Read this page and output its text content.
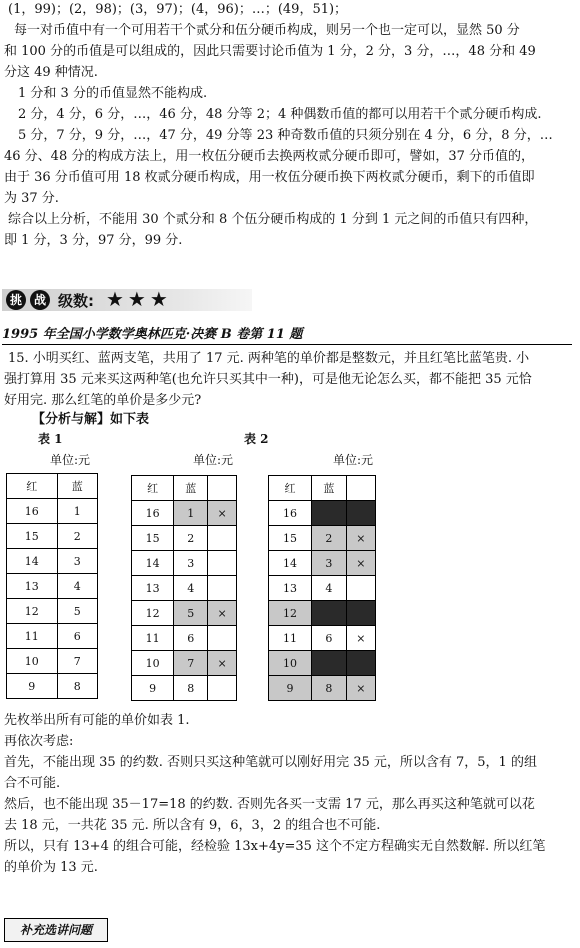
(1，99)；(2，98)；(3，97)；(4，96)；…；(49，51)；
每一对币值中有一个可用若干个贰分和伍分硬币构成，则另一个也一定可以，显然 50 分
和 100 分的币值是可以组成的，因此只需要讨论币值为 1 分，2 分，3 分，…，48 分和 49
分这 49 种情况.
1 分和 3 分的币值显然不能构成.
2 分，4 分，6 分，…，46 分，48 分等 2；4 种偶数币值的都可以用若干个贰分硬币构成.
5 分，7 分，9 分，…，47 分，49 分等 23 种奇数币值的只须分别在 4 分，6 分，8 分，…
46 分、48 分的构成方法上，用一枚伍分硬币去换两枚贰分硬币即可，譬如，37 分币值的，
由于 36 分币值可用 18 枚贰分硬币构成，用一枚伍分硬币换下两枚贰分硬币，剩下的币值即
为 37 分.
综合以上分析，不能用 30 个贰分和 8 个伍分硬币构成的 1 分到 1 元之间的币值只有四种，
即 1 分，3 分，97 分，99 分.
挑 战 级数: ★★★
1995 年全国小学数学奥林匹克·决赛 B 卷第 11 题
15. 小明买红、蓝两支笔，共用了 17 元. 两种笔的单价都是整数元，并且红笔比蓝笔贵. 小
强打算用 35 元来买这两种笔(也允许只买其中一种)，可是他无论怎么买，都不能把 35 元恰
好用完. 那么红笔的单价是多少元?
【分析与解】如下表
表 1	表 2
单位:元	单位:元	单位:元
红	蓝
16	1
15	2
14	3
13	4
12	5
11	6
10	7
9	8
红	蓝	
16	1	×
15	2	
14	3	
13	4	
12	5	×
11	6	
10	7	×
9	8	
红	蓝	
16		
15	2	×
14	3	×
13	4	
12		
11	6	×
10		
9	8	×
先枚举出所有可能的单价如表 1.
再依次考虑:
首先，不能出现 35 的约数. 否则只买这种笔就可以刚好用完 35 元，所以含有 7，5，1 的组
合不可能.
然后，也不能出现 35－17=18 的约数. 否则先各买一支需 17 元，那么再买这种笔就可以花
去 18 元，一共花 35 元. 所以含有 9，6，3，2 的组合也不可能.
所以，只有 13+4 的组合可能，经检验 13x+4y=35 这个不定方程确实无自然数解. 所以红笔
的单价为 13 元.
补充选讲问题
